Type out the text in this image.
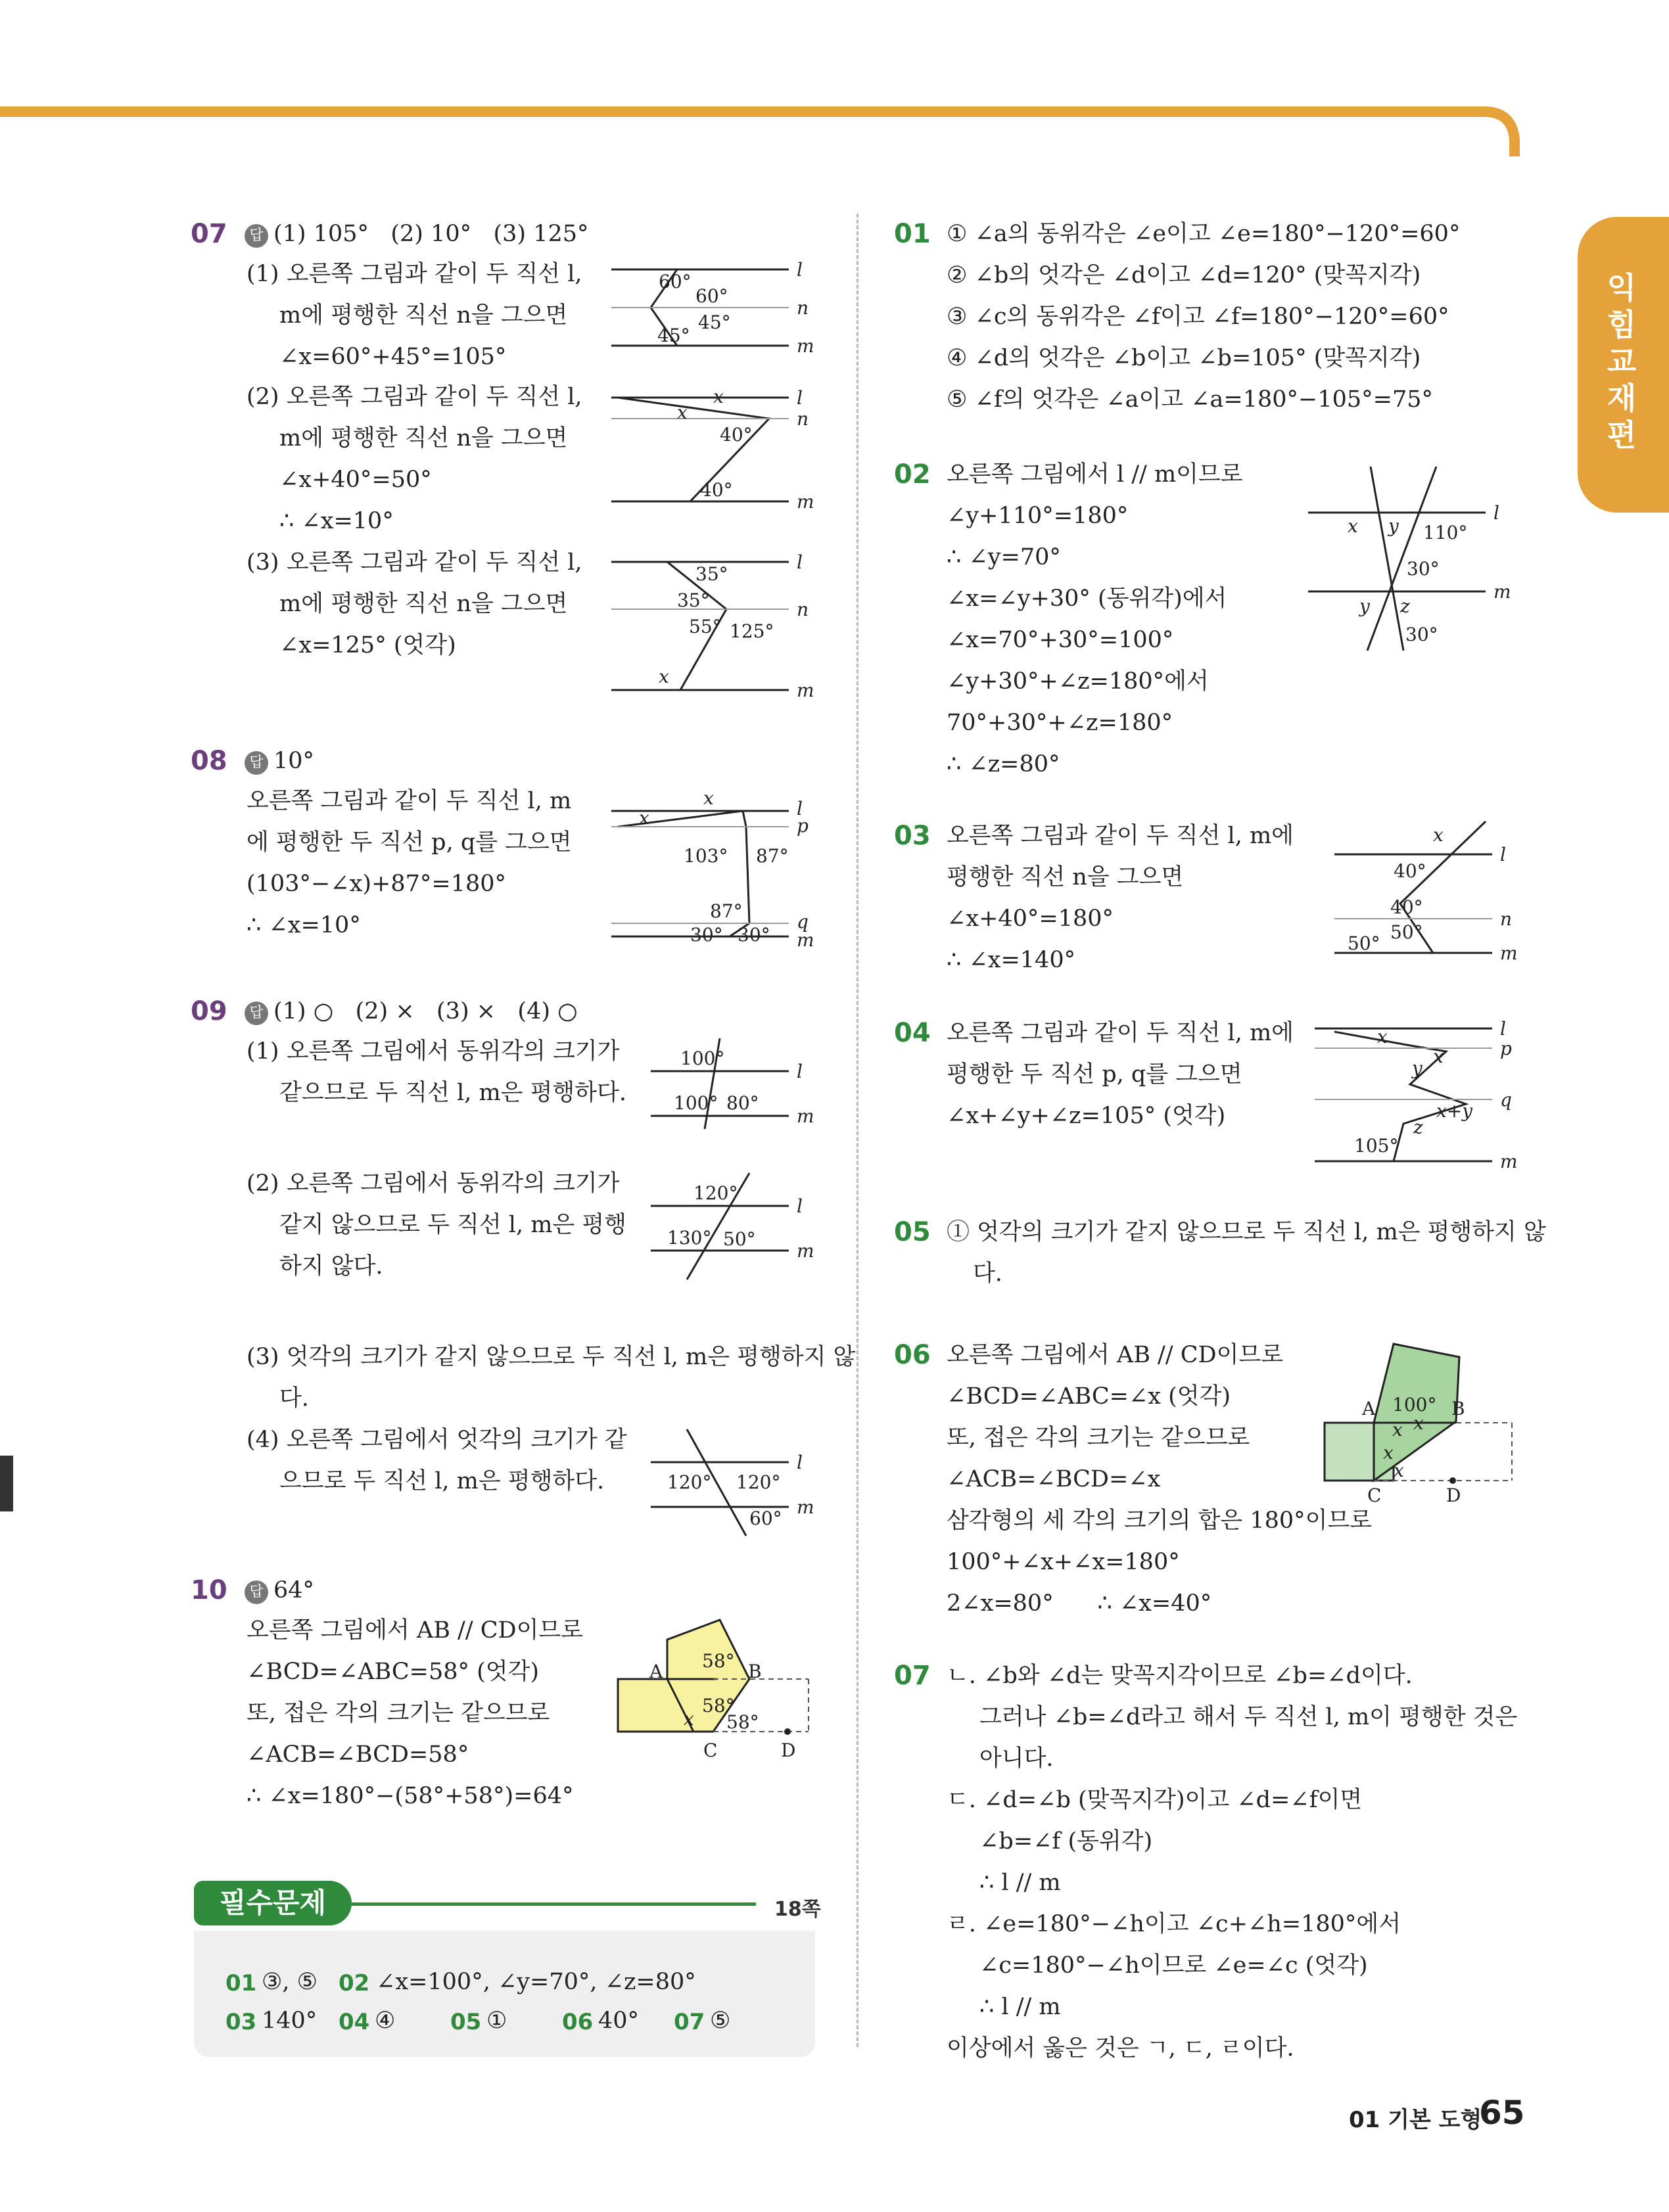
익힘교재편
07	답 (1) 105°   (2) 10°   (3) 125°
(1) 오른쪽 그림과 같이 두 직선 l,
m에 평행한 직선 n을 그으면
∠x=60°+45°=105°
(2) 오른쪽 그림과 같이 두 직선 l,
m에 평행한 직선 n을 그으면
∠x+40°=50°
∴ ∠x=10°
(3) 오른쪽 그림과 같이 두 직선 l,
m에 평행한 직선 n을 그으면
∠x=125° (엇각)
60°
60°
45°
45°
l
n
m
x
x
40°
40°
l
n
m
35°
35°
55° 125°
x
l
n
m
08	답 10°
오른쪽 그림과 같이 두 직선 l, m
에 평행한 두 직선 p, q를 그으면
(103°−∠x)+87°=180°
∴ ∠x=10°
x
x
103° 87°
87°
30° 30°
l
p
q
m
09	답 (1) ○   (2) ×   (3) ×   (4) ○
(1) 오른쪽 그림에서 동위각의 크기가
같으므로 두 직선 l, m은 평행하다.
(2) 오른쪽 그림에서 동위각의 크기가
같지 않으므로 두 직선 l, m은 평행
하지 않다.
(3) 엇각의 크기가 같지 않으므로 두 직선 l, m은 평행하지 않
다.
(4) 오른쪽 그림에서 엇각의 크기가 같
으므로 두 직선 l, m은 평행하다.
100°
100° 80°
l
m
120°
130° 50°
l
m
120° 120°
60°
l
m
10	답 64°
오른쪽 그림에서 AB // CD이므로
∠BCD=∠ABC=58° (엇각)
또, 접은 각의 크기는 같으므로
∠ACB=∠BCD=58°
∴ ∠x=180°−(58°+58°)=64°
A	B
C	D
58°
58°
58°
x
필수문제	18쪽
01 ③, ⑤ 02 ∠x=100°, ∠y=70°, ∠z=80°
03 140° 04 ④ 05 ① 06 40° 07 ⑤
01 ① ∠a의 동위각은 ∠e이고 ∠e=180°−120°=60°
② ∠b의 엇각은 ∠d이고 ∠d=120° (맞꼭지각)
③ ∠c의 동위각은 ∠f이고 ∠f=180°−120°=60°
④ ∠d의 엇각은 ∠b이고 ∠b=105° (맞꼭지각)
⑤ ∠f의 엇각은 ∠a이고 ∠a=180°−105°=75°
02 오른쪽 그림에서 l // m이므로
∠y+110°=180°
∴ ∠y=70°
∠x=∠y+30° (동위각)에서
∠x=70°+30°=100°
∠y+30°+∠z=180°에서
70°+30°+∠z=180°
∴ ∠z=80°
x y 110°
30°
y z
30°
l
m
03 오른쪽 그림과 같이 두 직선 l, m에
평행한 직선 n을 그으면
∠x+40°=180°
∴ ∠x=140°
x
40°
40°
50°
50°
l
n
m
04 오른쪽 그림과 같이 두 직선 l, m에
평행한 두 직선 p, q를 그으면
∠x+∠y+∠z=105° (엇각)
x
x
y
x+y
z
105°
l
p
q
m
05 ① 엇각의 크기가 같지 않으므로 두 직선 l, m은 평행하지 않
다.
06 오른쪽 그림에서 AB // CD이므로
∠BCD=∠ABC=∠x (엇각)
또, 접은 각의 크기는 같으므로
∠ACB=∠BCD=∠x
삼각형의 세 각의 크기의 합은 180°이므로
100°+∠x+∠x=180°
2∠x=80°      ∴ ∠x=40°
A	B
C	D
100°
x x
x
x
07 ㄴ. ∠b와 ∠d는 맞꼭지각이므로 ∠b=∠d이다.
그러나 ∠b=∠d라고 해서 두 직선 l, m이 평행한 것은
아니다.
ㄷ. ∠d=∠b (맞꼭지각)이고 ∠d=∠f이면
∠b=∠f (동위각)
∴ l // m
ㄹ. ∠e=180°−∠h이고 ∠c+∠h=180°에서
∠c=180°−∠h이므로 ∠e=∠c (엇각)
∴ l // m
이상에서 옳은 것은 ㄱ, ㄷ, ㄹ이다.
01 기본 도형
65
